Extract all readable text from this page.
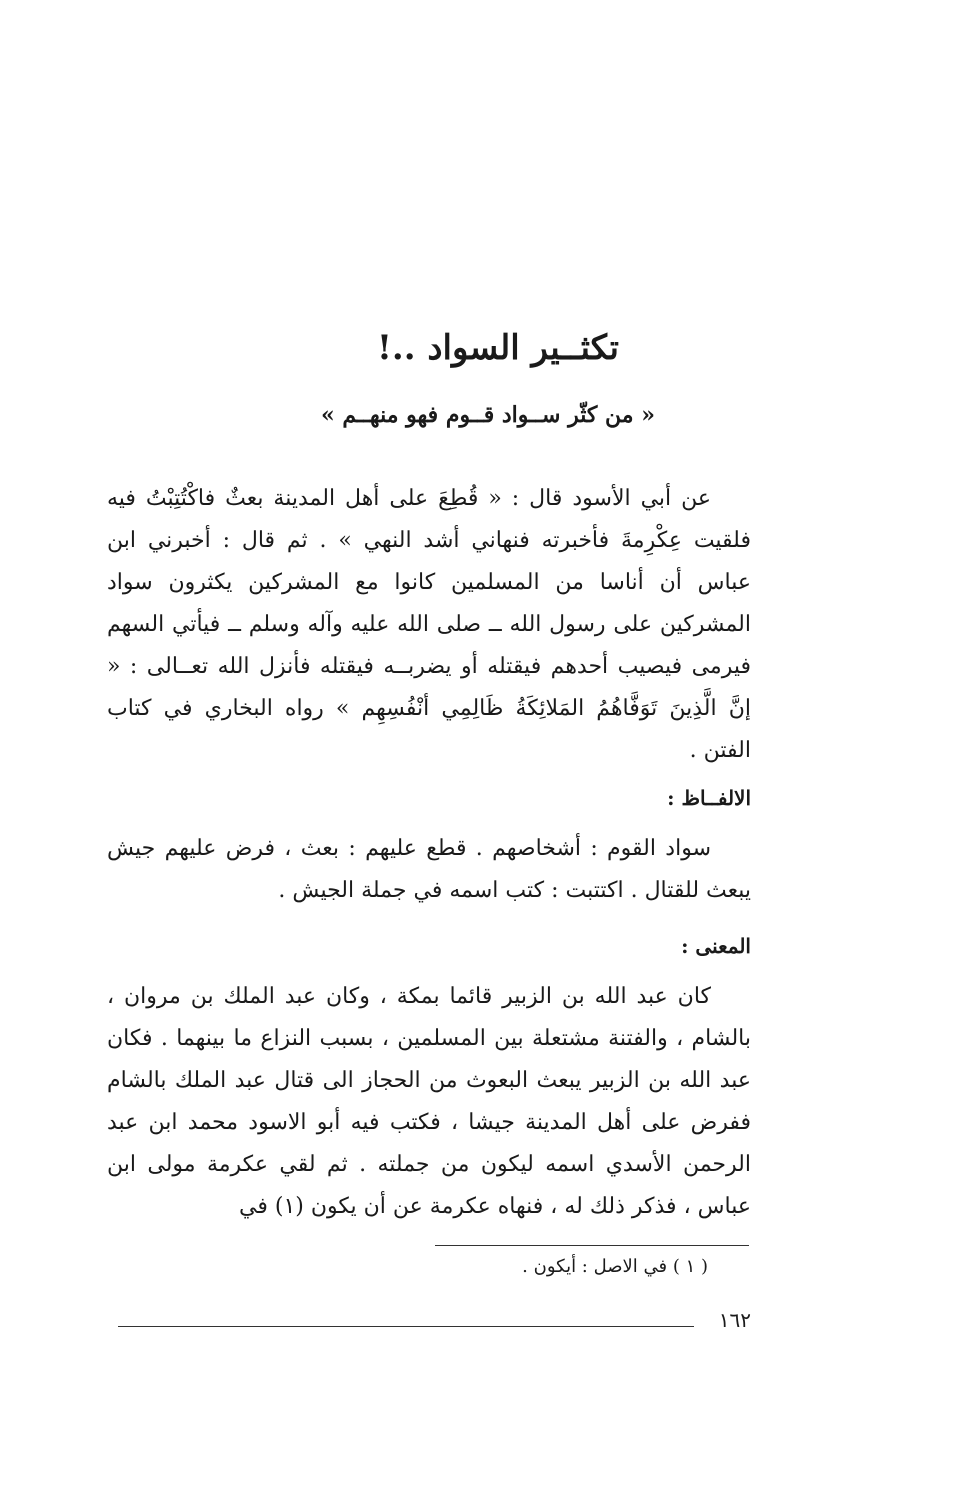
تكثــير السواد ..!
« من كثّر ســواد قــوم فهو منهــم »

عن أبي الأسود قال : « قُطِعَ على أهل المدينة بعثٌ فاكْتُتِبْتُ فيه فلقيت عِكْرِمةَ فأخبرته فنهاني أشد النهي » . ثم قال : أخبرني ابن عباس أن أناسا من المسلمين كانوا مع المشركين يكثرون سواد المشركين على رسول الله ــ صلى الله عليه وآله وسلم ــ فيأتي السهم فيرمى فيصيب أحدهم فيقتله أو يضربــه فيقتله فأنزل الله تعــالى : « إنَّ الَّذِينَ تَوَفَّاهُمُ المَلائِكَةُ ظَالِمِي أنْفُسِهِم » رواه البخاري في كتاب الفتن .

الالفــاظ :

سواد القوم : أشخاصهم . قطع عليهم : بعث ، فرض عليهم جيش يبعث للقتال . اكتتبت : كتب اسمه في جملة الجيش .

المعنى :

كان عبد الله بن الزبير قائما بمكة ، وكان عبد الملك بن مروان ، بالشام ، والفتنة مشتعلة بين المسلمين ، بسبب النزاع ما بينهما . فكان عبد الله بن الزبير يبعث البعوث من الحجاز الى قتال عبد الملك بالشام ففرض على أهل المدينة جيشا ، فكتب فيه أبو الاسود محمد ابن عبد الرحمن الأسدي اسمه ليكون من جملته . ثم لقي عكرمة مولى ابن عباس ، فذكر ذلك له ، فنهاه عكرمة عن أن يكون (١) في

( ١ ) في الاصل : أيكون .

١٦٢
